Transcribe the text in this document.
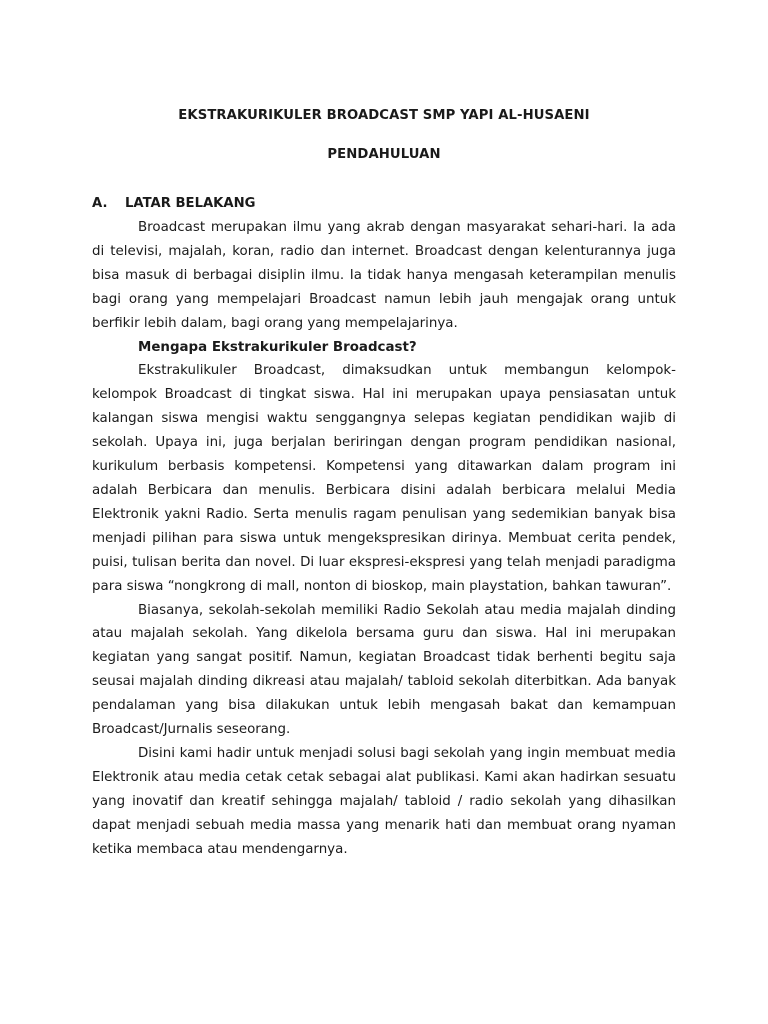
EKSTRAKURIKULER BROADCAST SMP YAPI AL-HUSAENI
PENDAHULUAN
A. LATAR BELAKANG

Broadcast merupakan ilmu yang akrab dengan masyarakat sehari-hari. Ia ada di televisi, majalah, koran, radio dan internet. Broadcast dengan kelenturannya juga bisa masuk di berbagai disiplin ilmu. Ia tidak hanya mengasah keterampilan menulis bagi orang yang mempelajari Broadcast namun lebih jauh mengajak orang untuk berfikir lebih dalam, bagi orang yang mempelajarinya.

Mengapa Ekstrakurikuler Broadcast?

Ekstrakulikuler Broadcast, dimaksudkan untuk membangun kelompok-kelompok Broadcast di tingkat siswa. Hal ini merupakan upaya pensiasatan untuk kalangan siswa mengisi waktu senggangnya selepas kegiatan pendidikan wajib di sekolah. Upaya ini, juga berjalan beriringan dengan program pendidikan nasional, kurikulum berbasis kompetensi. Kompetensi yang ditawarkan dalam program ini adalah Berbicara dan menulis. Berbicara disini adalah berbicara melalui Media Elektronik yakni Radio. Serta menulis ragam penulisan yang sedemikian banyak bisa menjadi pilihan para siswa untuk mengekspresikan dirinya. Membuat cerita pendek, puisi, tulisan berita dan novel. Di luar ekspresi-ekspresi yang telah menjadi paradigma para siswa “nongkrong di mall, nonton di bioskop, main playstation, bahkan tawuran”.

Biasanya, sekolah-sekolah memiliki Radio Sekolah atau media majalah dinding atau majalah sekolah. Yang dikelola bersama guru dan siswa. Hal ini merupakan kegiatan yang sangat positif. Namun, kegiatan Broadcast tidak berhenti begitu saja seusai majalah dinding dikreasi atau majalah/ tabloid sekolah diterbitkan. Ada banyak pendalaman yang bisa dilakukan untuk lebih mengasah bakat dan kemampuan Broadcast/Jurnalis seseorang.

Disini kami hadir untuk menjadi solusi bagi sekolah yang ingin membuat media Elektronik atau media cetak cetak sebagai alat publikasi. Kami akan hadirkan sesuatu yang inovatif dan kreatif sehingga majalah/ tabloid / radio sekolah yang dihasilkan dapat menjadi sebuah media massa yang menarik hati dan membuat orang nyaman ketika membaca atau mendengarnya.
